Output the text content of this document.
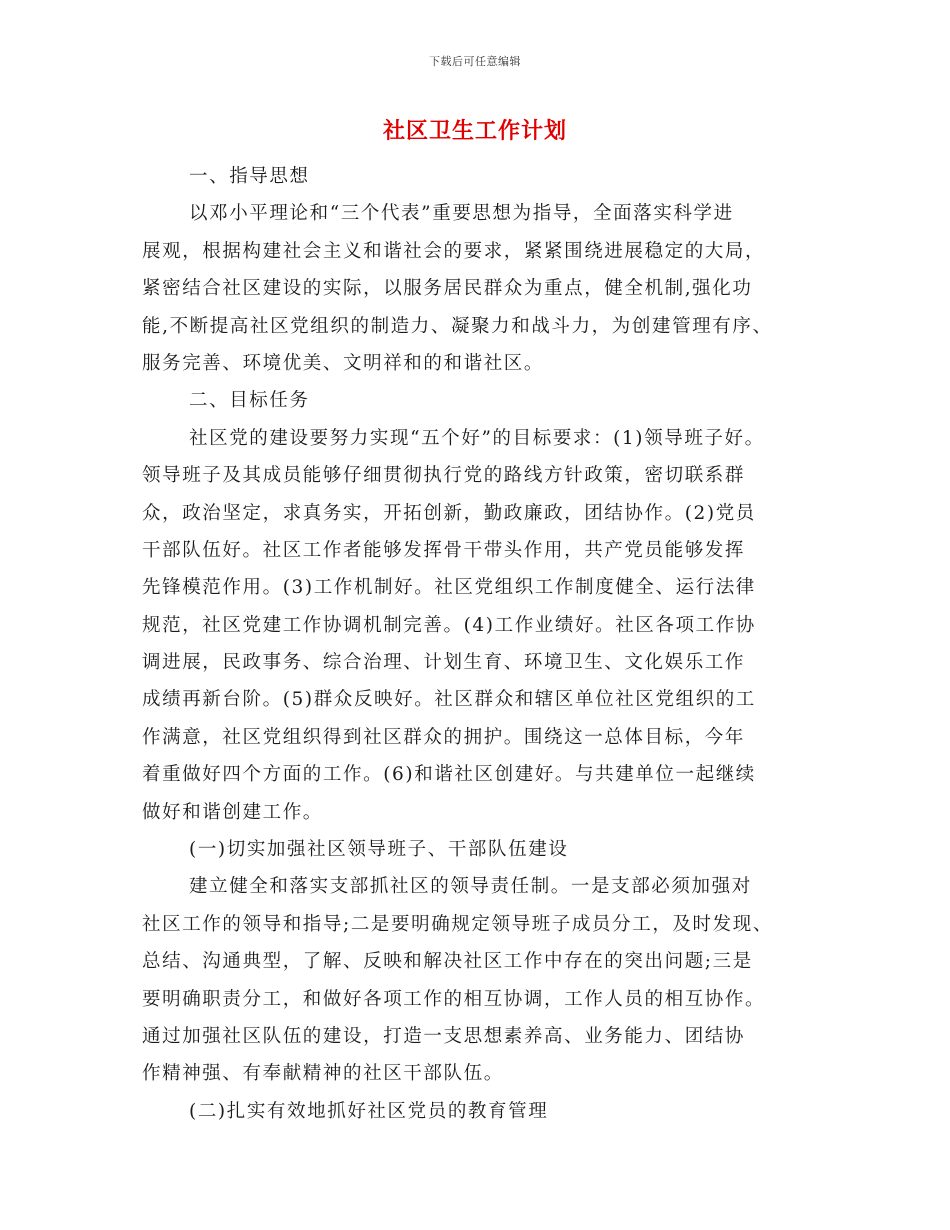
下载后可任意编辑
社区卫生工作计划
一、指导思想
以邓小平理论和“三个代表”重要思想为指导，全面落实科学进
展观，根据构建社会主义和谐社会的要求，紧紧围绕进展稳定的大局，
紧密结合社区建设的实际，以服务居民群众为重点，健全机制,强化功
能,不断提高社区党组织的制造力、凝聚力和战斗力，为创建管理有序、
服务完善、环境优美、文明祥和的和谐社区。
二、目标任务
社区党的建设要努力实现“五个好”的目标要求：(1)领导班子好。
领导班子及其成员能够仔细贯彻执行党的路线方针政策，密切联系群
众，政治坚定，求真务实，开拓创新，勤政廉政，团结协作。(2)党员
干部队伍好。社区工作者能够发挥骨干带头作用，共产党员能够发挥
先锋模范作用。(3)工作机制好。社区党组织工作制度健全、运行法律
规范，社区党建工作协调机制完善。(4)工作业绩好。社区各项工作协
调进展，民政事务、综合治理、计划生育、环境卫生、文化娱乐工作
成绩再新台阶。(5)群众反映好。社区群众和辖区单位社区党组织的工
作满意，社区党组织得到社区群众的拥护。围绕这一总体目标，今年
着重做好四个方面的工作。(6)和谐社区创建好。与共建单位一起继续
做好和谐创建工作。
(一)切实加强社区领导班子、干部队伍建设
建立健全和落实支部抓社区的领导责任制。一是支部必须加强对
社区工作的领导和指导;二是要明确规定领导班子成员分工，及时发现、
总结、沟通典型，了解、反映和解决社区工作中存在的突出问题;三是
要明确职责分工，和做好各项工作的相互协调，工作人员的相互协作。
通过加强社区队伍的建设，打造一支思想素养高、业务能力、团结协
作精神强、有奉献精神的社区干部队伍。
(二)扎实有效地抓好社区党员的教育管理
